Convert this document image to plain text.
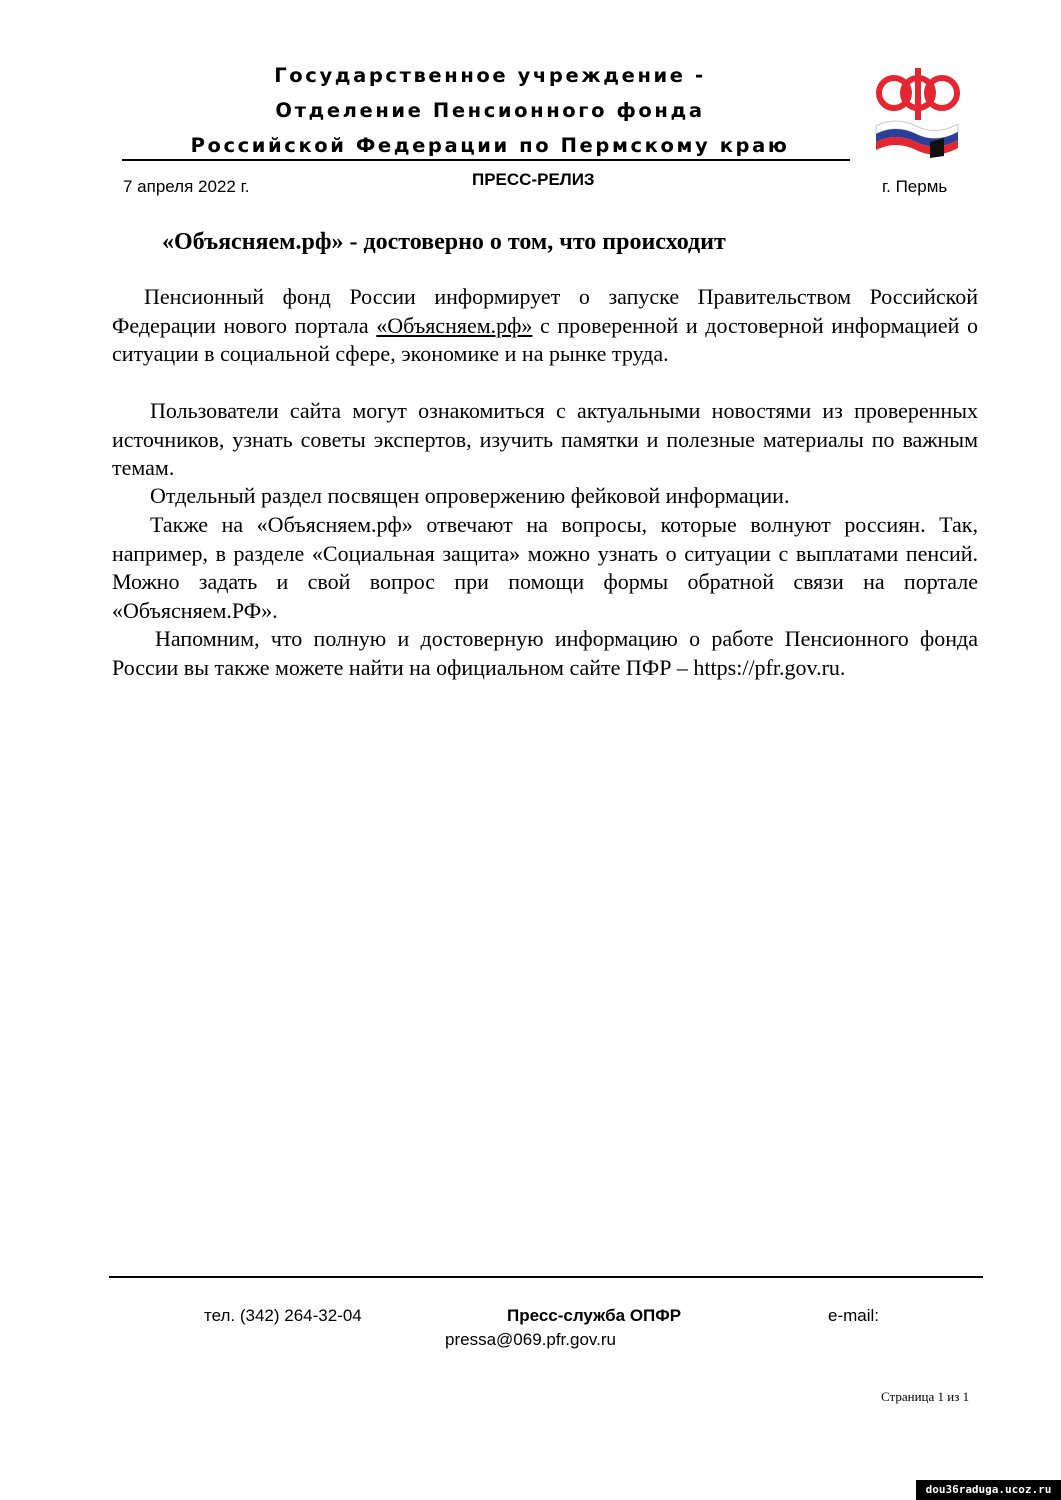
Государственное учреждение -
Отделение Пенсионного фонда
Российской Федерации по Пермскому краю
7 апреля 2022 г.	ПРЕСС-РЕЛИЗ	г. Пермь
«Объясняем.рф» - достоверно о том, что происходит

Пенсионный фонд России информирует о запуске Правительством Российской Федерации нового портала «Объясняем.рф» с проверенной и достоверной информацией о ситуации в социальной сфере, экономике и на рынке труда.

Пользователи сайта могут ознакомиться с актуальными новостями из проверенных источников, узнать советы экспертов, изучить памятки и полезные материалы по важным темам.

Отдельный раздел посвящен опровержению фейковой информации.

Также на «Объясняем.рф» отвечают на вопросы, которые волнуют россиян. Так, например, в разделе «Социальная защита» можно узнать о ситуации с выплатами пенсий. Можно задать и свой вопрос при помощи формы обратной связи на портале «Объясняем.РФ».

Напомним, что полную и достоверную информацию о работе Пенсионного фонда России вы также можете найти на официальном сайте ПФР – https://pfr.gov.ru.

тел. (342) 264-32-04	Пресс-служба ОПФР	e-mail:
pressa@069.pfr.gov.ru
Страница 1 из 1
dou36raduga.ucoz.ru
